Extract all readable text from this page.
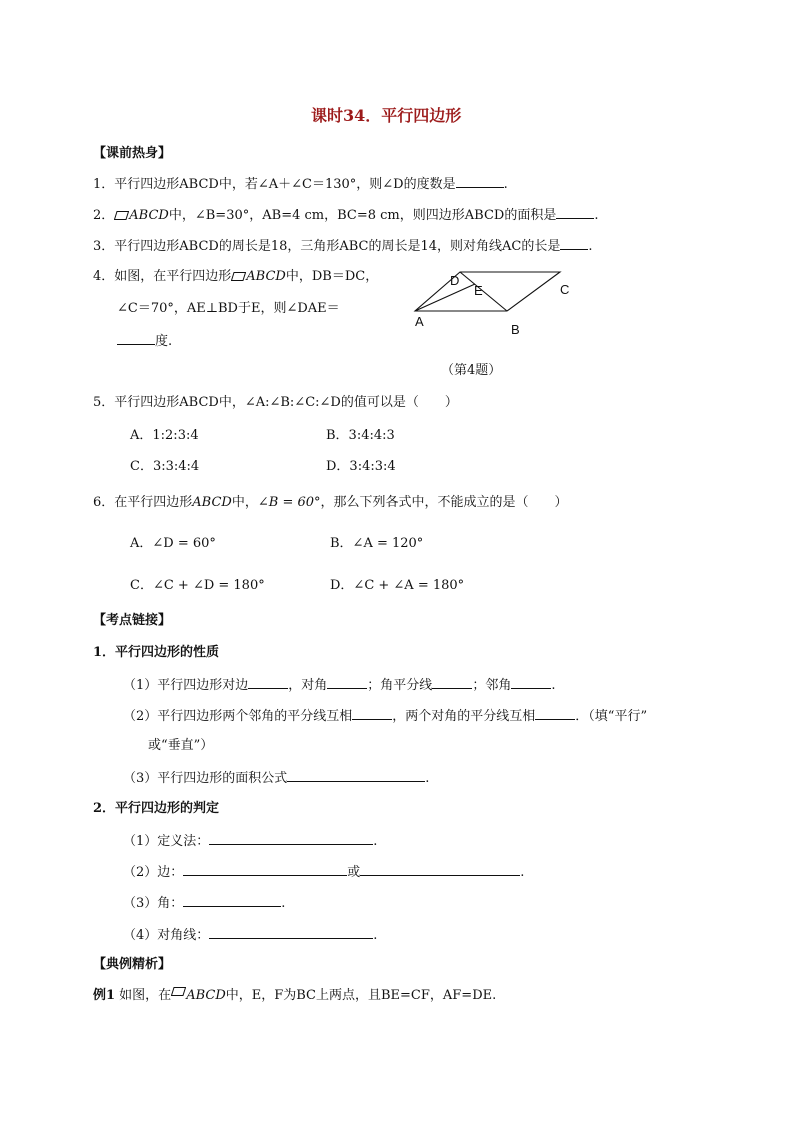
课时34．平行四边形
【课前热身】
1．平行四边形ABCD中，若∠A＋∠C＝130°，则∠D的度数是	.
2． ABCD中，∠B=30°，AB=4 cm，BC=8 cm，则四边形ABCD的面积是	.
3．平行四边形ABCD的周长是18，三角形ABC的周长是14，则对角线AC的长是 .
4．如图，在平行四边形 ABCD中，DB＝DC，
∠C＝70°，AE⊥BD于E，则∠DAE＝
度.
A
B
C
D
E
（第4题）
5．平行四边形ABCD中，∠A:∠B:∠C:∠D的值可以是（　　）
A．1:2:3:4	B．3:4:4:3
C．3:3:4:4	D．3:4:3:4
6．在平行四边形ABCD中，∠B = 60°，那么下列各式中，不能成立的是（　　）
A．∠D = 60°	B．∠A = 120°
C．∠C + ∠D = 180°	D．∠C + ∠A = 180°
【考点链接】
1．平行四边形的性质
（1）平行四边形对边	，对角	；角平分线	；邻角	.
（2）平行四边形两个邻角的平分线互相	，两个对角的平分线互相	．（填“平行”
或“垂直”）
（3）平行四边形的面积公式	.
2．平行四边形的判定
（1）定义法：	.
（2）边：	或	.
（3）角：	.
（4）对角线：	.
【典例精析】
例1 如图，在 ABCD中，E，F为BC上两点，且BE=CF，AF=DE.
